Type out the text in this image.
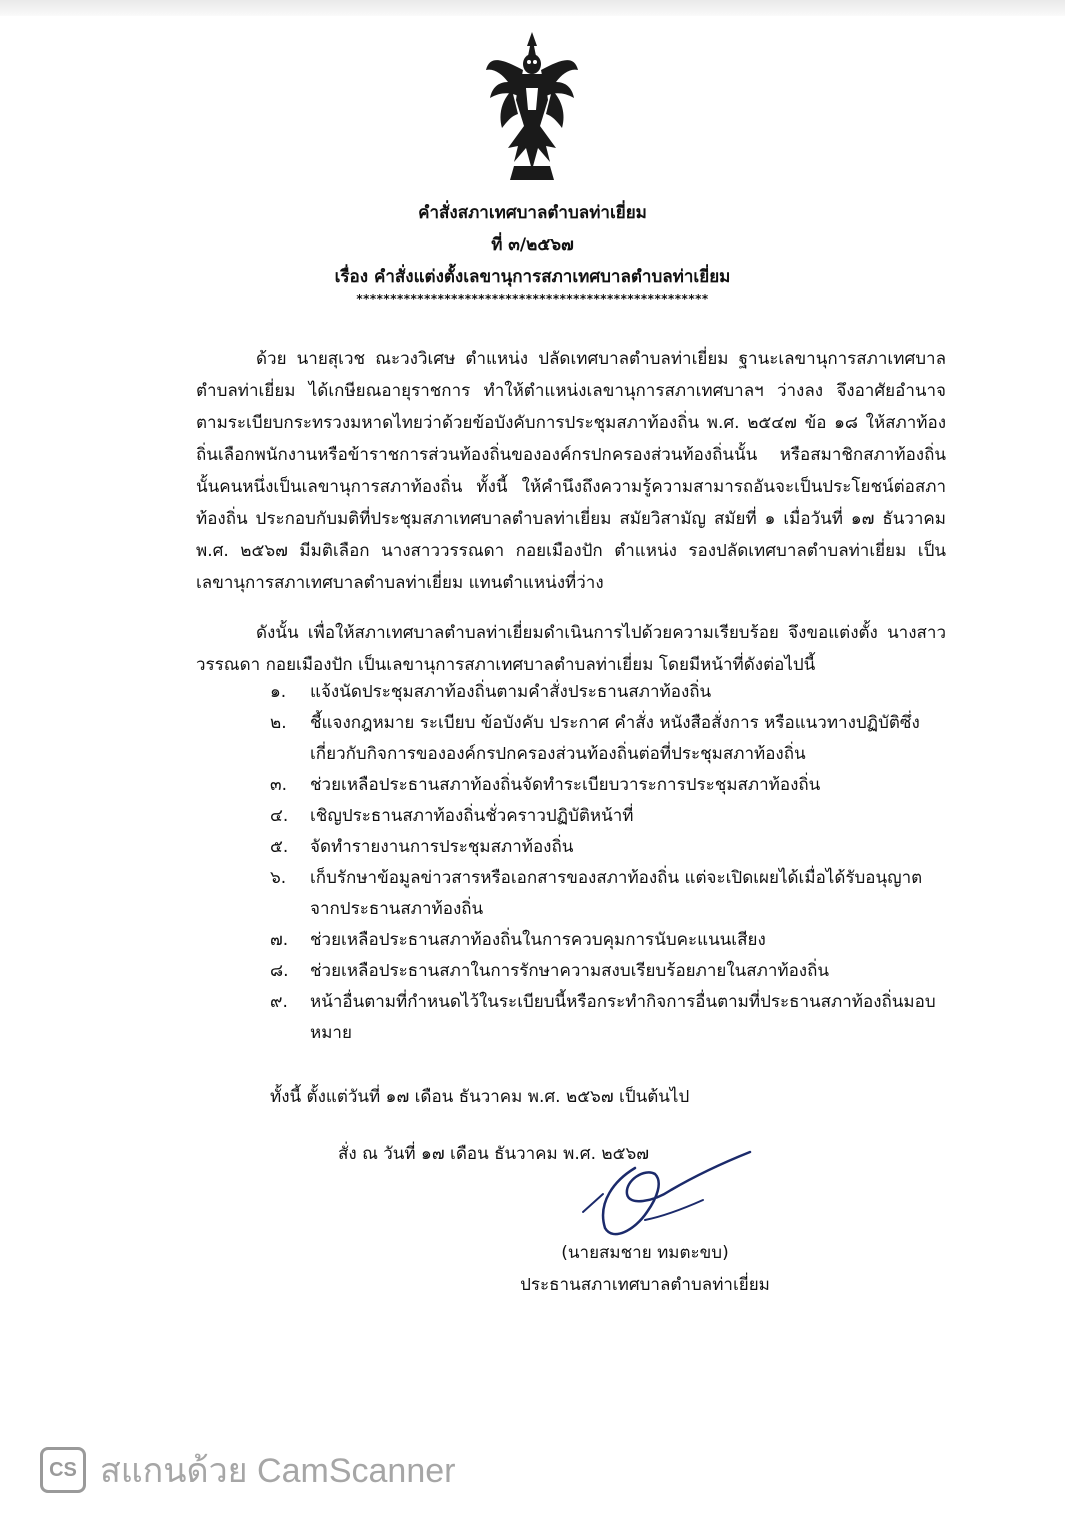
คำสั่งสภาเทศบาลตำบลท่าเยี่ยม
ที่ ๓/๒๕๖๗
เรื่อง คำสั่งแต่งตั้งเลขานุการสภาเทศบาลตำบลท่าเยี่ยม
****************************************************
ด้วย นายสุเวช ณะวงวิเศษ ตำแหน่ง ปลัดเทศบาลตำบลท่าเยี่ยม ฐานะเลขานุการสภาเทศบาลตำบลท่าเยี่ยม ได้เกษียณอายุราชการ ทำให้ตำแหน่งเลขานุการสภาเทศบาลฯ ว่างลง จึงอาศัยอำนาจตามระเบียบกระทรวงมหาดไทยว่าด้วยข้อบังคับการประชุมสภาท้องถิ่น พ.ศ. ๒๕๔๗ ข้อ ๑๘ ให้สภาท้องถิ่นเลือกพนักงานหรือข้าราชการส่วนท้องถิ่นขององค์กรปกครองส่วนท้องถิ่นนั้น หรือสมาชิกสภาท้องถิ่นนั้นคนหนึ่งเป็นเลขานุการสภาท้องถิ่น ทั้งนี้ ให้คำนึงถึงความรู้ความสามารถอันจะเป็นประโยชน์ต่อสภาท้องถิ่น ประกอบกับมติที่ประชุมสภาเทศบาลตำบลท่าเยี่ยม สมัยวิสามัญ สมัยที่ ๑ เมื่อวันที่ ๑๗ ธันวาคม พ.ศ. ๒๕๖๗ มีมติเลือก นางสาววรรณดา กอยเมืองปัก ตำแหน่ง รองปลัดเทศบาลตำบลท่าเยี่ยม เป็นเลขานุการสภาเทศบาลตำบลท่าเยี่ยม แทนตำแหน่งที่ว่าง
ดังนั้น เพื่อให้สภาเทศบาลตำบลท่าเยี่ยมดำเนินการไปด้วยความเรียบร้อย จึงขอแต่งตั้ง นางสาววรรณดา กอยเมืองปัก เป็นเลขานุการสภาเทศบาลตำบลท่าเยี่ยม โดยมีหน้าที่ดังต่อไปนี้
๑. แจ้งนัดประชุมสภาท้องถิ่นตามคำสั่งประธานสภาท้องถิ่น
๒. ชี้แจงกฎหมาย ระเบียบ ข้อบังคับ ประกาศ คำสั่ง หนังสือสั่งการ หรือแนวทางปฏิบัติซึ่งเกี่ยวกับกิจการขององค์กรปกครองส่วนท้องถิ่นต่อที่ประชุมสภาท้องถิ่น
๓. ช่วยเหลือประธานสภาท้องถิ่นจัดทำระเบียบวาระการประชุมสภาท้องถิ่น
๔. เชิญประธานสภาท้องถิ่นชั่วคราวปฏิบัติหน้าที่
๕. จัดทำรายงานการประชุมสภาท้องถิ่น
๖. เก็บรักษาข้อมูลข่าวสารหรือเอกสารของสภาท้องถิ่น แต่จะเปิดเผยได้เมื่อได้รับอนุญาตจากประธานสภาท้องถิ่น
๗. ช่วยเหลือประธานสภาท้องถิ่นในการควบคุมการนับคะแนนเสียง
๘. ช่วยเหลือประธานสภาในการรักษาความสงบเรียบร้อยภายในสภาท้องถิ่น
๙. หน้าอื่นตามที่กำหนดไว้ในระเบียบนี้หรือกระทำกิจการอื่นตามที่ประธานสภาท้องถิ่นมอบหมาย
ทั้งนี้ ตั้งแต่วันที่ ๑๗ เดือน ธันวาคม พ.ศ. ๒๕๖๗ เป็นต้นไป
สั่ง ณ วันที่ ๑๗ เดือน ธันวาคม พ.ศ. ๒๕๖๗
(นายสมชาย ทมตะขบ)
ประธานสภาเทศบาลตำบลท่าเยี่ยม
CS สแกนด้วย CamScanner
